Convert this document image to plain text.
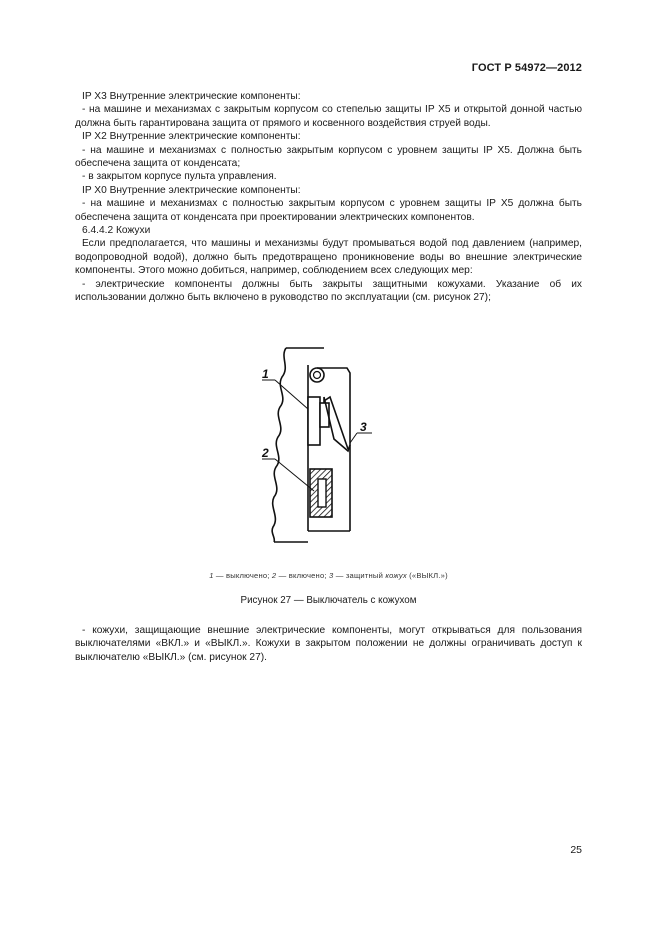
ГОСТ Р 54972—2012

IP X3 Внутренние электрические компоненты:

- на машине и механизмах с закрытым корпусом со степелью защиты IP X5 и открытой донной частью должна быть гарантирована защита от прямого и косвенного воздействия струей воды.

IP X2 Внутренние электрические компоненты:

- на машине и механизмах с полностью закрытым корпусом с уровнем защиты IP X5. Должна быть обеспечена защита от конденсата;

- в закрытом корпусе пульта управления.

IP X0 Внутренние электрические компоненты:

- на машине и механизмах с полностью закрытым корпусом с уровнем защиты IP X5 должна быть обеспечена защита от конденсата при проектировании электрических компонентов.

6.4.4.2 Кожухи

Если предполагается, что машины и механизмы будут промываться водой под давлением (например, водопроводной водой), должно быть предотвращено проникновение воды во внешние электрические компоненты. Этого можно добиться, например, соблюдением всех следующих мер:

- электрические компоненты должны быть закрыты защитными кожухами. Указание об их использовании должно быть включено в руководство по эксплуатации (см. рисунок 27);

1
2
3
1 — выключено; 2 — включено; 3 — защитный кожух («ВЫКЛ.»)
Рисунок 27 — Выключатель с кожухом

- кожухи, защищающие внешние электрические компоненты, могут открываться для пользования выключателями «ВКЛ.» и «ВЫКЛ.». Кожухи в закрытом положении не должны ограничивать доступ к выключателю «ВЫКЛ.» (см. рисунок 27).

25
